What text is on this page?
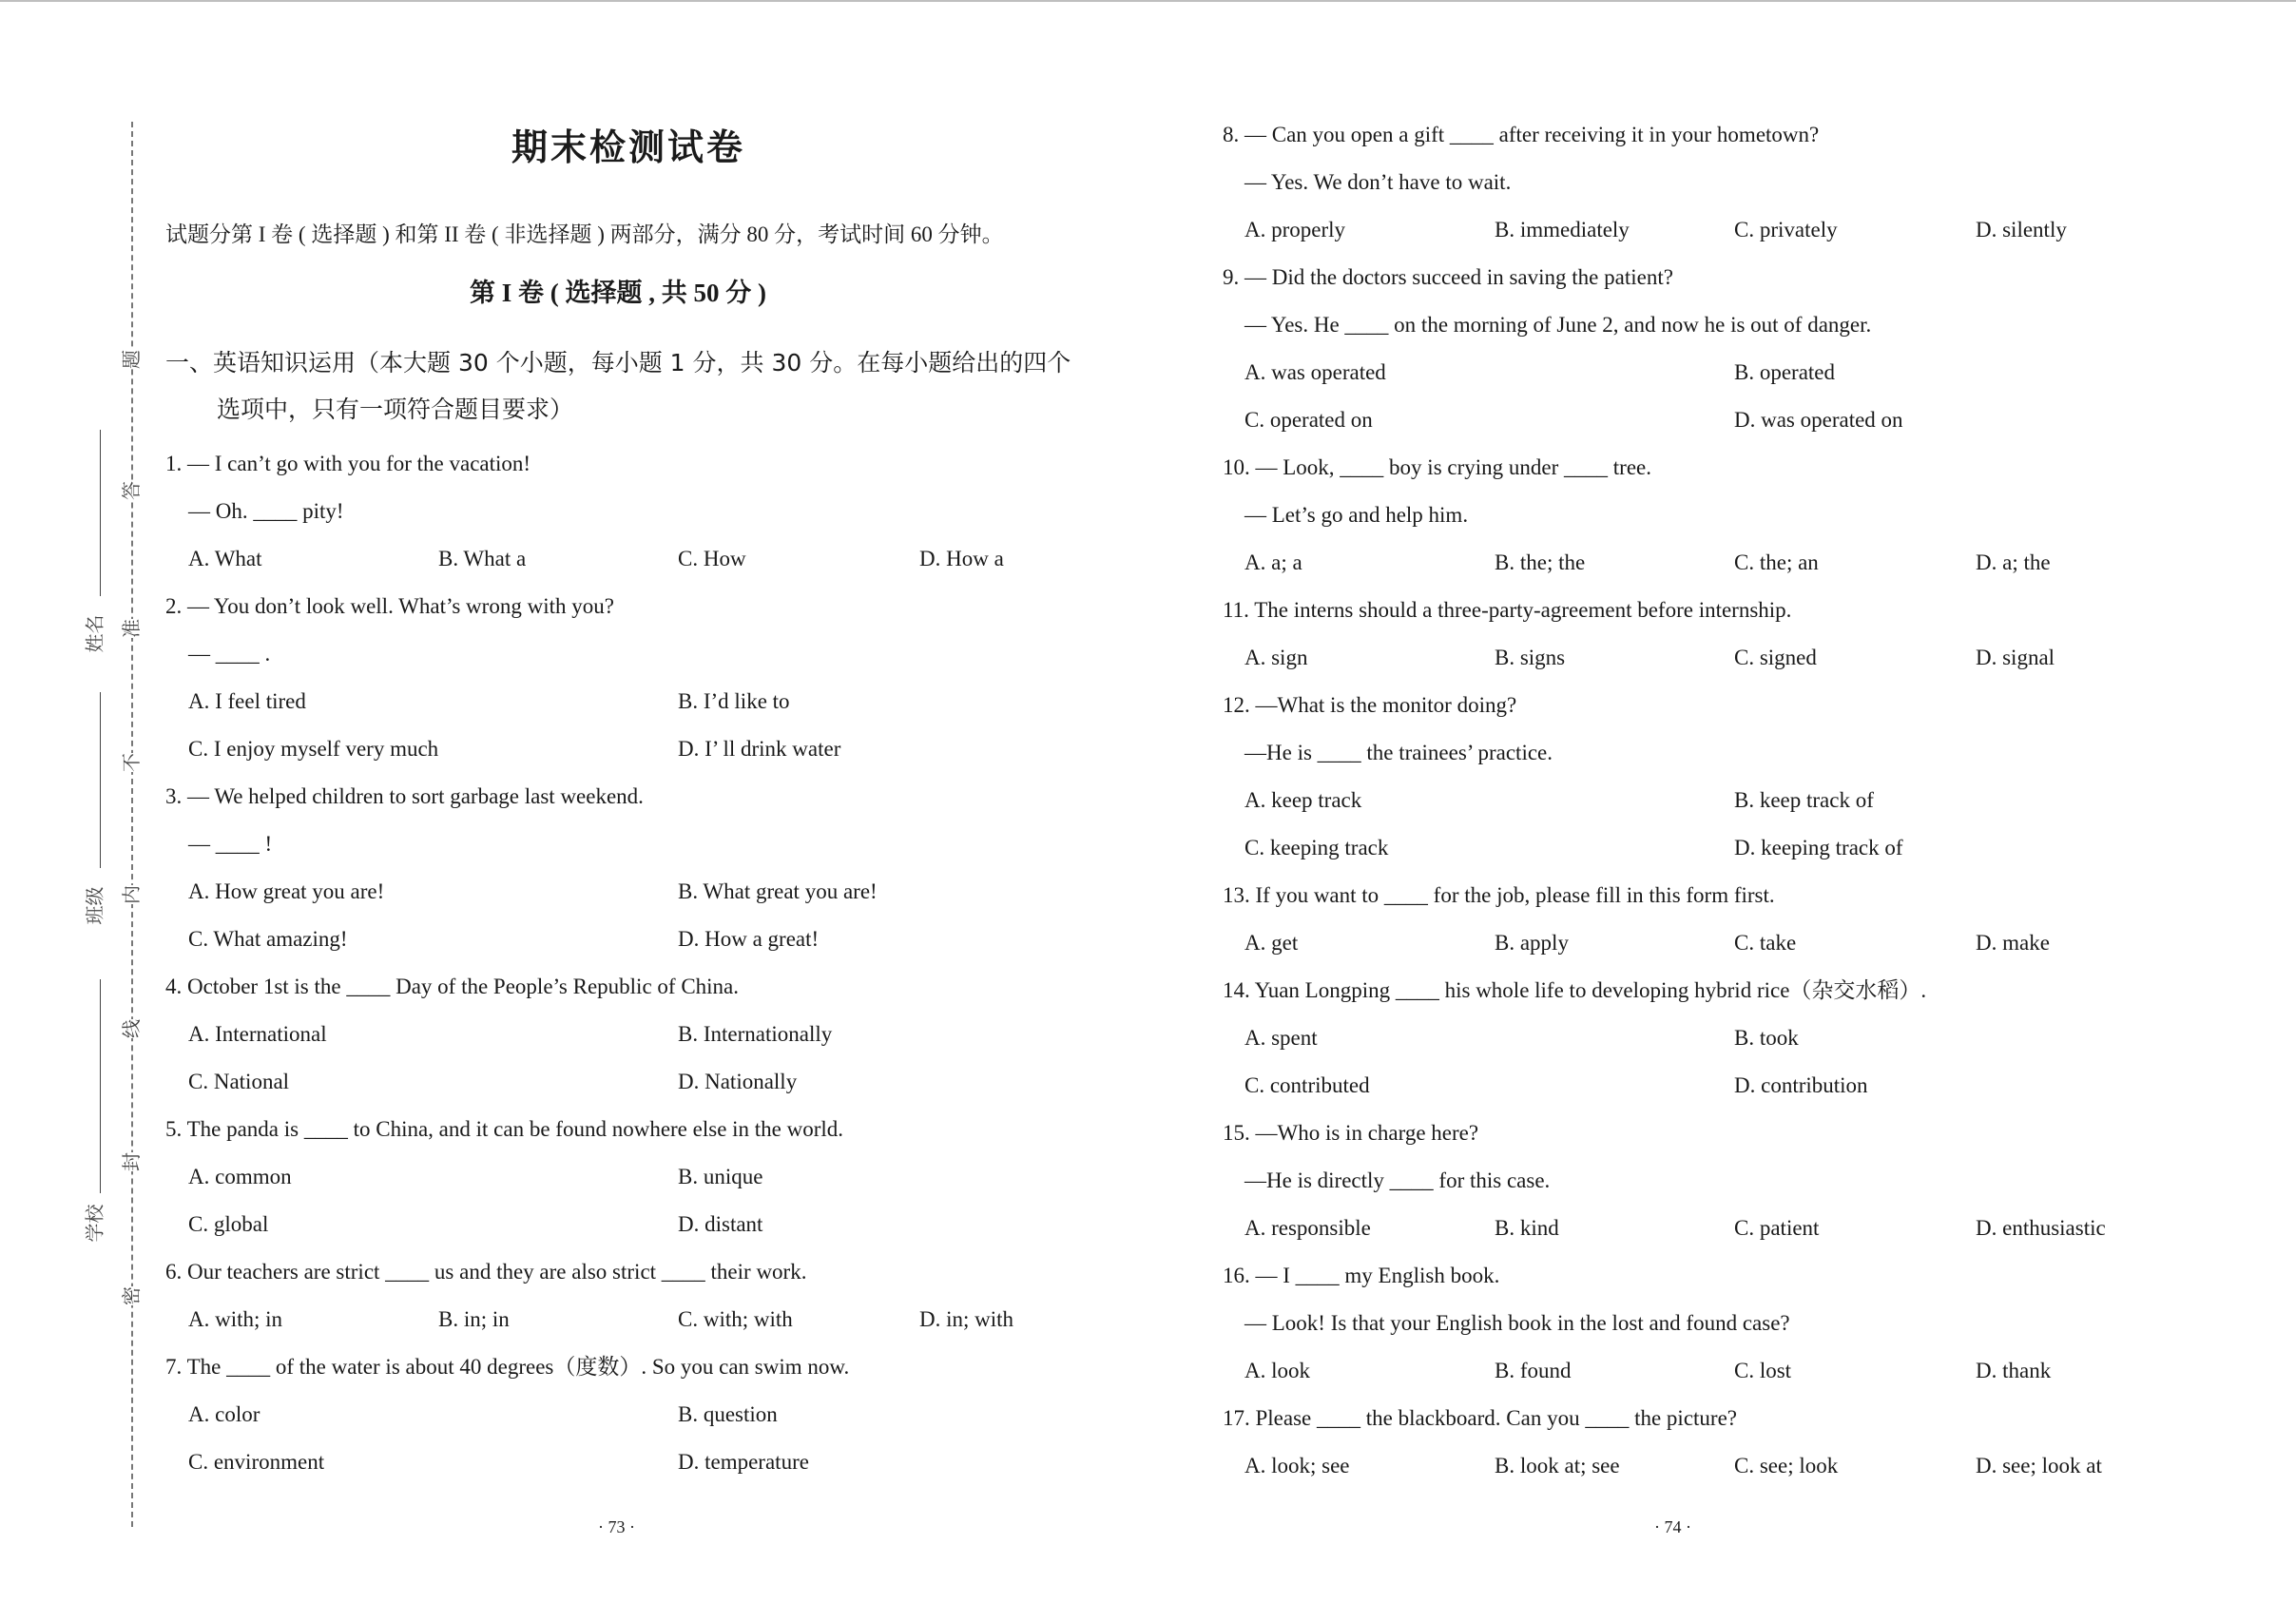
题
答
准
不
内
线
封
密
姓名
班级
学校
期末检测试卷
试题分第 I 卷 ( 选择题 ) 和第 II 卷 ( 非选择题 ) 两部分，满分 80 分，考试时间 60 分钟。
第 I 卷 ( 选择题 , 共 50 分 )
一、英语知识运用（本大题 30 个小题，每小题 1 分，共 30 分。在每小题给出的四个
选项中，只有一项符合题目要求）
1. — I can’t go with you for the vacation!
— Oh. ____ pity!
A. What	B. What a	C. How	D. How a
2. — You don’t look well. What’s wrong with you?
— ____ .
A. I feel tired	B. I’d like to
C. I enjoy myself very much	D. I’ ll drink water
3. — We helped children to sort garbage last weekend.
— ____ !
A. How great you are!	B. What great you are!
C. What amazing!	D. How a great!
4. October 1st is the ____ Day of the People’s Republic of China.
A. International	B. Internationally
C. National	D. Nationally
5. The panda is ____ to China, and it can be found nowhere else in the world.
A. common	B. unique
C. global	D. distant
6. Our teachers are strict ____ us and they are also strict ____ their work.
A. with; in	B. in; in	C. with; with	D. in; with
7. The ____ of the water is about 40 degrees（度数）. So you can swim now.
A. color	B. question
C. environment	D. temperature
8. — Can you open a gift ____ after receiving it in your hometown?
— Yes. We don’t have to wait.
A. properly	B. immediately	C. privately	D. silently
9. — Did the doctors succeed in saving the patient?
— Yes. He ____ on the morning of June 2, and now he is out of danger.
A. was operated	B. operated
C. operated on	D. was operated on
10. — Look, ____ boy is crying under ____ tree.
— Let’s go and help him.
A. a; a	B. the; the	C. the; an	D. a; the
11. The interns should a three-party-agreement before internship.
A. sign	B. signs	C. signed	D. signal
12. —What is the monitor doing?
—He is ____ the trainees’ practice.
A. keep track	B. keep track of
C. keeping track	D. keeping track of
13. If you want to ____ for the job, please fill in this form first.
A. get	B. apply	C. take	D. make
14. Yuan Longping ____ his whole life to developing hybrid rice（杂交水稻）.
A. spent	B. took
C. contributed	D. contribution
15. —Who is in charge here?
—He is directly ____ for this case.
A. responsible	B. kind	C. patient	D. enthusiastic
16. — I ____ my English book.
— Look! Is that your English book in the lost and found case?
A. look	B. found	C. lost	D. thank
17. Please ____ the blackboard. Can you ____ the picture?
A. look; see	B. look at; see	C. see; look	D. see; look at
· 73 ·	· 74 ·
